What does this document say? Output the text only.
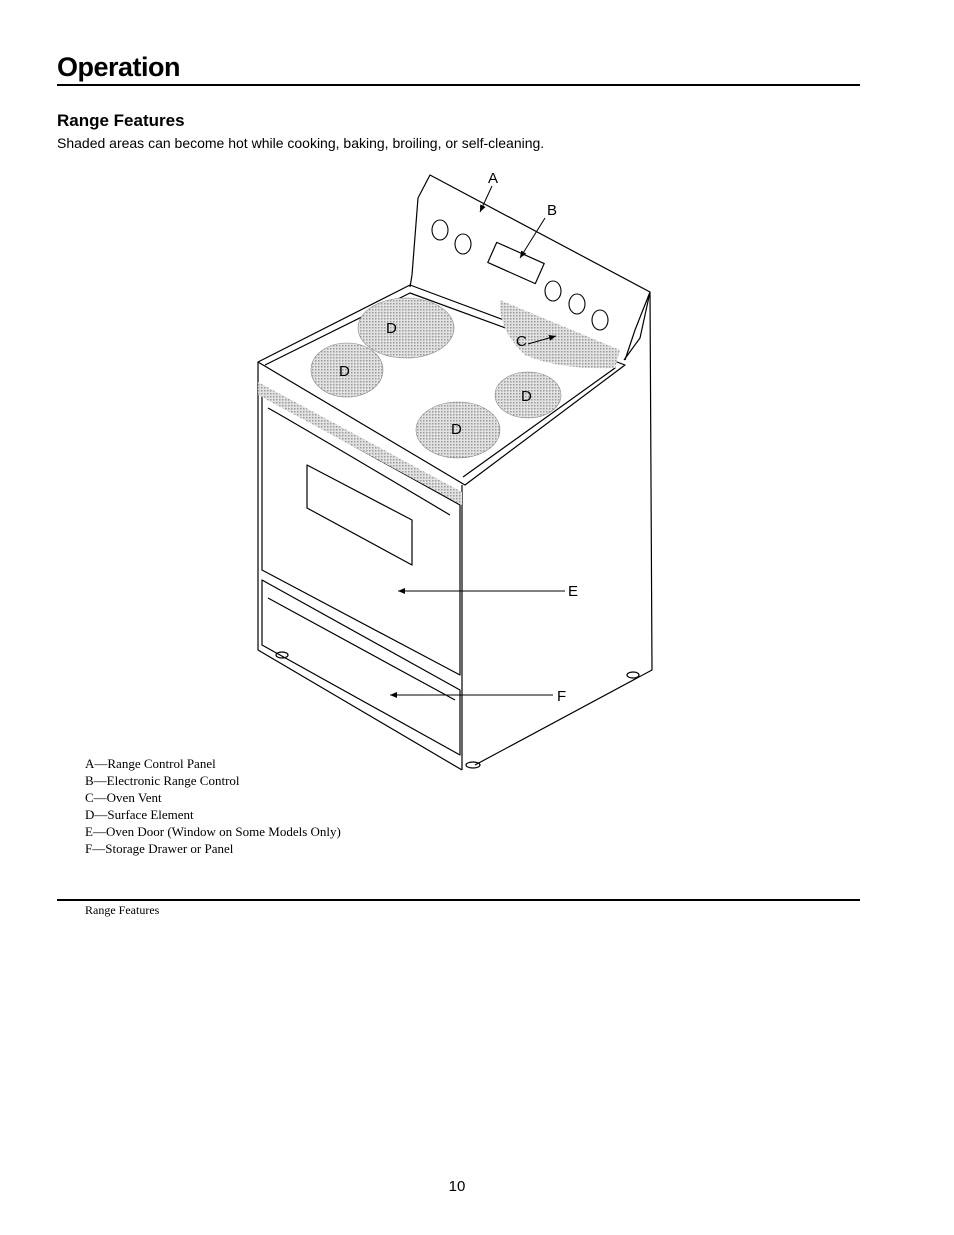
Operation
Range Features
Shaded areas can become hot while cooking, baking, broiling, or self-cleaning.
A
B
C
D
D
D
D
E
F
A—Range Control Panel
B—Electronic Range Control
C—Oven Vent
D—Surface Element
E—Oven Door (Window on Some Models Only)
F—Storage Drawer or Panel
Range Features
10
